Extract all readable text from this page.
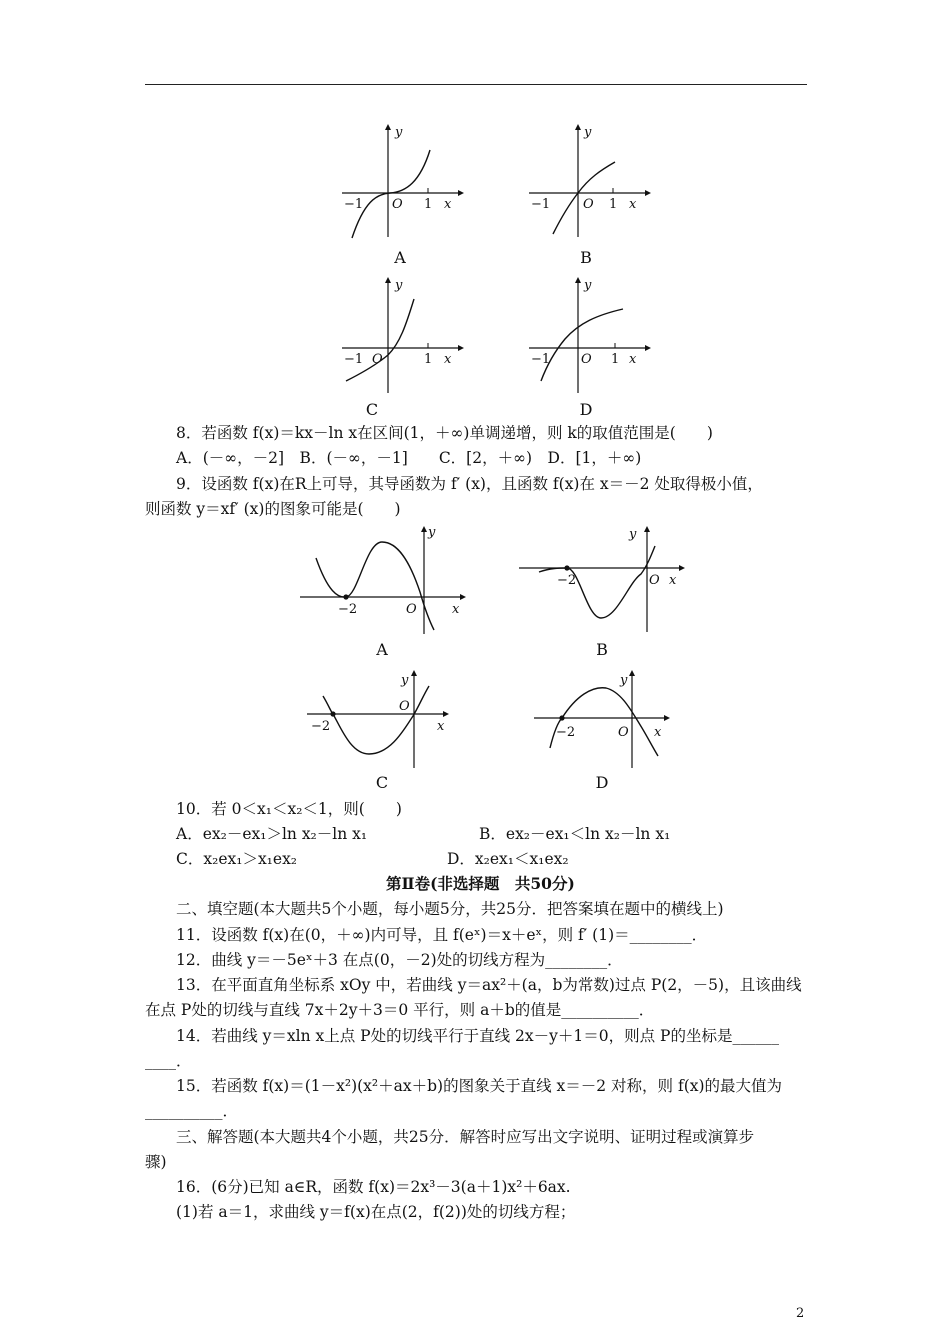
y
O
−1	1 x
A
y
O
−1	1 x
B
y
O
−1	1 x
C
y
O
−1	1 x
D
8．若函数 f(x)＝kx－ln x在区间(1，＋∞)单调递增，则 k的取值范围是(　　)
A．(－∞，－2]　B．(－∞，－1]　　C．[2，＋∞)　D．[1，＋∞)
9．设函数 f(x)在R上可导，其导函数为 f′ (x)，且函数 f(x)在 x＝－2 处取得极小值，
则函数 y＝xf′ (x)的图象可能是(　　)
y
−2	O	x
A
y
−2	O x
B
y
−2
O
x
C
y
−2	O x
D
10．若 0＜x₁＜x₂＜1，则(　　)
A．ex₂－ex₁＞ln x₂－ln x₁	B．ex₂－ex₁＜ln x₂－ln x₁
C．x₂ex₁＞x₁ex₂	D．x₂ex₁＜x₁ex₂
第Ⅱ卷(非选择题　共50分)
二、填空题(本大题共5个小题，每小题5分，共25分．把答案填在题中的横线上)
11．设函数 f(x)在(0，＋∞)内可导，且 f(eˣ)＝x＋eˣ，则 f′ (1)＝________．
12．曲线 y＝－5eˣ＋3 在点(0，－2)处的切线方程为________．
13．在平面直角坐标系 xOy 中，若曲线 y＝ax²＋(a，b为常数)过点 P(2，－5)，且该曲线
在点 P处的切线与直线 7x＋2y＋3＝0 平行，则 a＋b的值是__________．
14．若曲线 y＝xln x上点 P处的切线平行于直线 2x－y＋1＝0，则点 P的坐标是______
____．
15．若函数 f(x)＝(1－x²)(x²＋ax＋b)的图象关于直线 x＝－2 对称，则 f(x)的最大值为
__________．
三、解答题(本大题共4个小题，共25分．解答时应写出文字说明、证明过程或演算步
骤)
16．(6分)已知 a∈R，函数 f(x)＝2x³－3(a＋1)x²＋6ax.
(1)若 a＝1，求曲线 y＝f(x)在点(2，f(2))处的切线方程；
2
